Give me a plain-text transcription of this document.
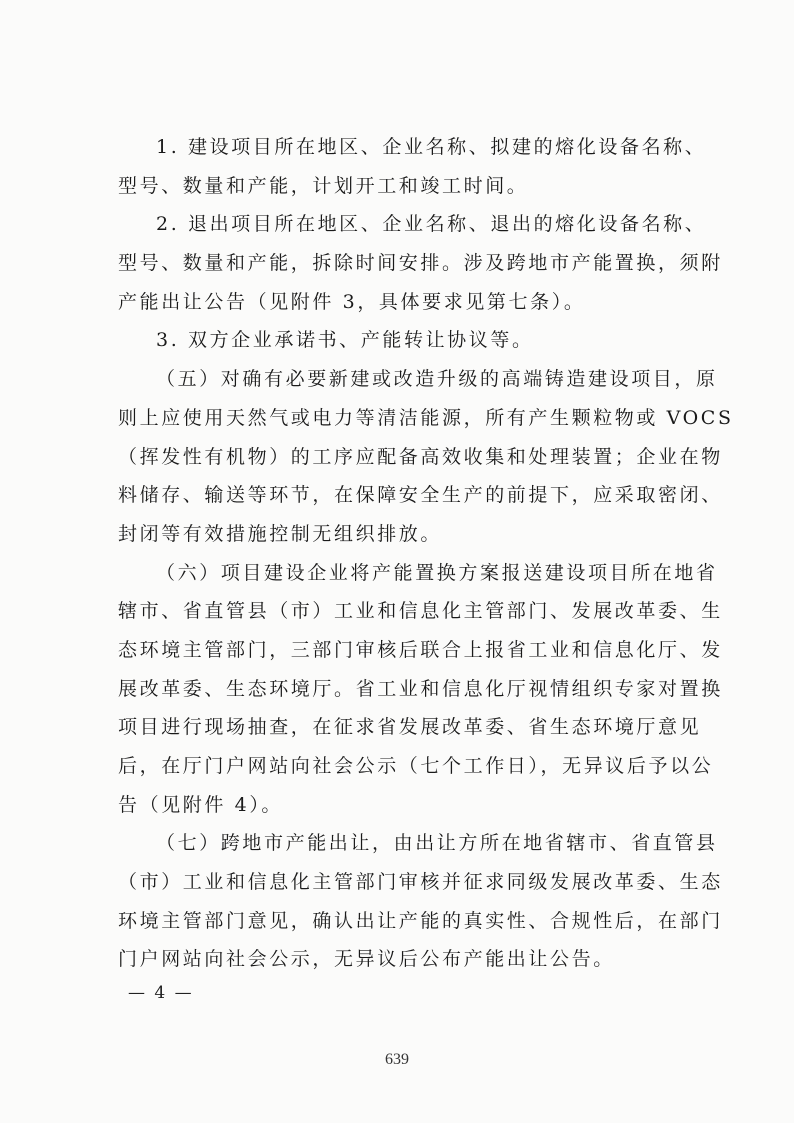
1. 建设项目所在地区、企业名称、拟建的熔化设备名称、
型号、数量和产能，计划开工和竣工时间。
2. 退出项目所在地区、企业名称、退出的熔化设备名称、
型号、数量和产能，拆除时间安排。涉及跨地市产能置换，须附
产能出让公告（见附件 3，具体要求见第七条）。
3. 双方企业承诺书、产能转让协议等。
（五）对确有必要新建或改造升级的高端铸造建设项目，原
则上应使用天然气或电力等清洁能源，所有产生颗粒物或 VOCS
（挥发性有机物）的工序应配备高效收集和处理装置；企业在物
料储存、输送等环节，在保障安全生产的前提下，应采取密闭、
封闭等有效措施控制无组织排放。
（六）项目建设企业将产能置换方案报送建设项目所在地省
辖市、省直管县（市）工业和信息化主管部门、发展改革委、生
态环境主管部门，三部门审核后联合上报省工业和信息化厅、发
展改革委、生态环境厅。省工业和信息化厅视情组织专家对置换
项目进行现场抽查，在征求省发展改革委、省生态环境厅意见
后，在厅门户网站向社会公示（七个工作日），无异议后予以公
告（见附件 4）。
（七）跨地市产能出让，由出让方所在地省辖市、省直管县
（市）工业和信息化主管部门审核并征求同级发展改革委、生态
环境主管部门意见，确认出让产能的真实性、合规性后，在部门
门户网站向社会公示，无异议后公布产能出让公告。
— 4 —
639
